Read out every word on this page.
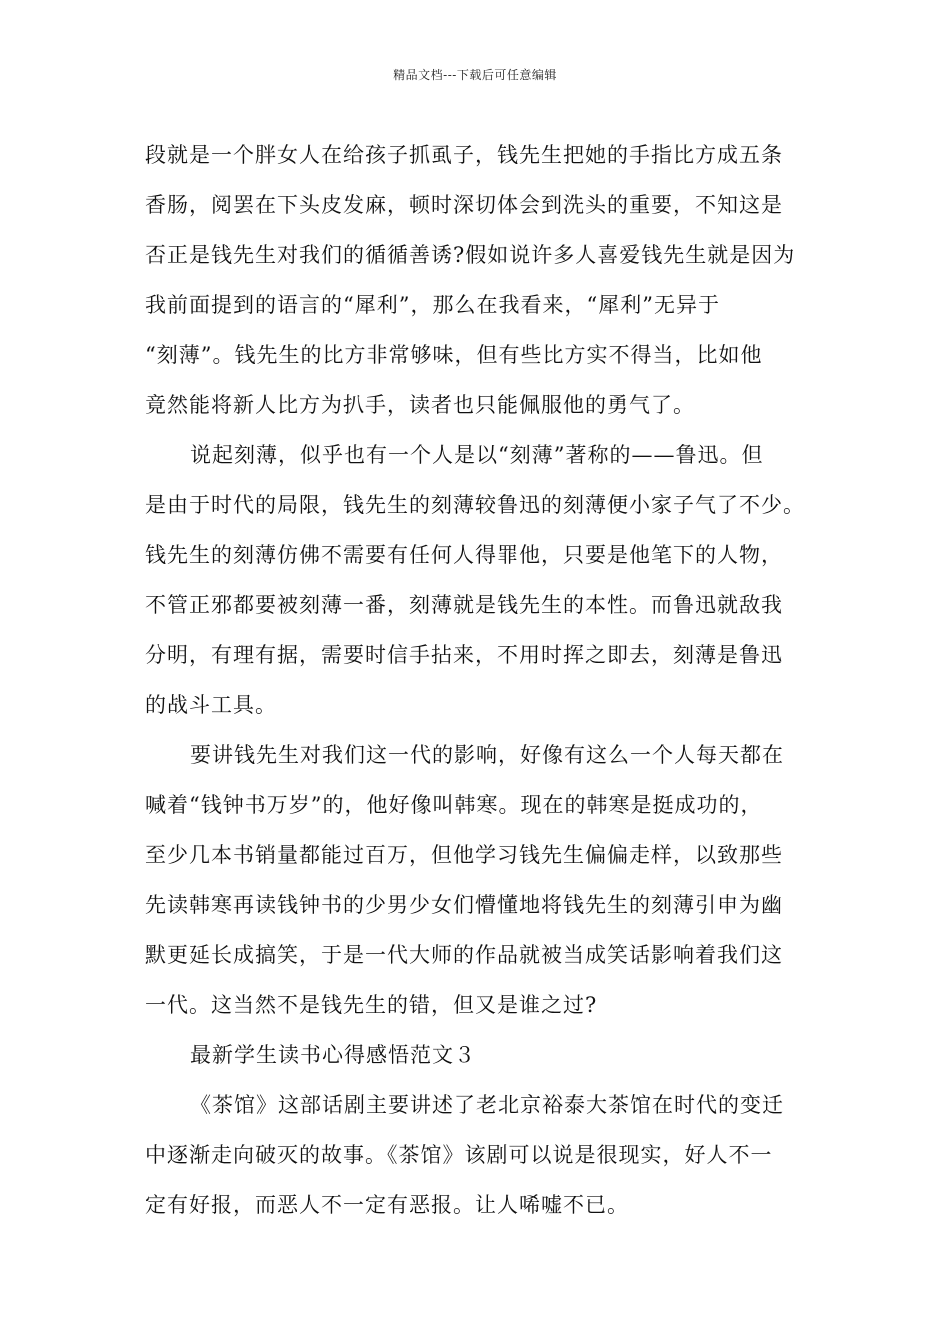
精品文档---下载后可任意编辑
段就是一个胖女人在给孩子抓虱子，钱先生把她的手指比方成五条
香肠，阅罢在下头皮发麻，顿时深切体会到洗头的重要，不知这是
否正是钱先生对我们的循循善诱?假如说许多人喜爱钱先生就是因为
我前面提到的语言的“犀利”，那么在我看来，“犀利”无异于
“刻薄”。钱先生的比方非常够味，但有些比方实不得当，比如他
竟然能将新人比方为扒手，读者也只能佩服他的勇气了。
说起刻薄，似乎也有一个人是以“刻薄”著称的——鲁迅。但
是由于时代的局限，钱先生的刻薄较鲁迅的刻薄便小家子气了不少。
钱先生的刻薄仿佛不需要有任何人得罪他，只要是他笔下的人物，
不管正邪都要被刻薄一番，刻薄就是钱先生的本性。而鲁迅就敌我
分明，有理有据，需要时信手拈来，不用时挥之即去，刻薄是鲁迅
的战斗工具。
要讲钱先生对我们这一代的影响，好像有这么一个人每天都在
喊着“钱钟书万岁”的，他好像叫韩寒。现在的韩寒是挺成功的，
至少几本书销量都能过百万，但他学习钱先生偏偏走样，以致那些
先读韩寒再读钱钟书的少男少女们懵懂地将钱先生的刻薄引申为幽
默更延长成搞笑，于是一代大师的作品就被当成笑话影响着我们这
一代。这当然不是钱先生的错，但又是谁之过?
最新学生读书心得感悟范文３
《茶馆》这部话剧主要讲述了老北京裕泰大茶馆在时代的变迁
中逐渐走向破灭的故事。《茶馆》该剧可以说是很现实，好人不一
定有好报，而恶人不一定有恶报。让人唏嘘不已。
